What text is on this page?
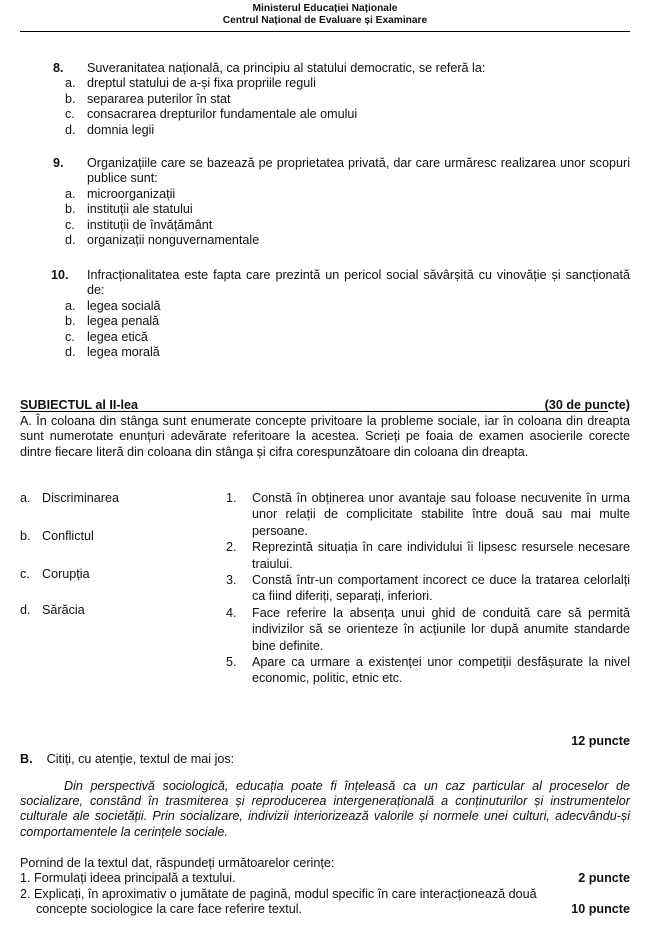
Ministerul Educației Naționale
Centrul Național de Evaluare și Examinare
8. Suveranitatea națională, ca principiu al statului democratic, se referă la:
a. dreptul statului de a-și fixa propriile reguli
b. separarea puterilor în stat
c. consacrarea drepturilor fundamentale ale omului
d. domnia legii
9. Organizațiile care se bazează pe proprietatea privată, dar care urmăresc realizarea unor scopuri publice sunt:
a. microorganizații
b. instituții ale statului
c. instituții de învățământ
d. organizații nonguvernamentale
10. Infracționalitatea este fapta care prezintă un pericol social săvârșită cu vinovăție și sancționată de:
a. legea socială
b. legea penală
c. legea etică
d. legea morală
SUBIECTUL al II-lea	(30 de puncte)
A. În coloana din stânga sunt enumerate concepte privitoare la probleme sociale, iar în coloana din dreapta sunt numerotate enunțuri adevărate referitoare la acestea. Scrieți pe foaia de examen asocierile corecte dintre fiecare literă din coloana din stânga și cifra corespunzătoare din coloana din dreapta.
a. Discriminarea
b. Conflictul
c. Corupția
d. Sărăcia
1. Constă în obținerea unor avantaje sau foloase necuvenite în urma unor relații de complicitate stabilite între două sau mai multe persoane.
2. Reprezintă situația în care individului îi lipsesc resursele necesare traiului.
3. Constă într-un comportament incorect ce duce la tratarea celorlalți ca fiind diferiți, separați, inferiori.
4. Face referire la absența unui ghid de conduită care să permită indivizilor să se orienteze în acțiunile lor după anumite standarde bine definite.
5. Apare ca urmare a existenței unor competiții desfășurate la nivel economic, politic, etnic etc.
12 puncte
B. Citiți, cu atenție, textul de mai jos:
Din perspectivă sociologică, educația poate fi înțeleasă ca un caz particular al proceselor de socializare, constând în trasmiterea și reproducerea intergenerațională a conținuturilor și instrumentelor culturale ale societății. Prin socializare, indivizii interiorizează valorile și normele unei culturi, adecvându-și comportamentele la cerințele sociale.
Pornind de la textul dat, răspundeți următoarelor cerințe:
1. Formulați ideea principală a textului.	2 puncte
2. Explicați, în aproximativ o jumătate de pagină, modul specific în care interacționează două
concepte sociologice la care face referire textul.	10 puncte
